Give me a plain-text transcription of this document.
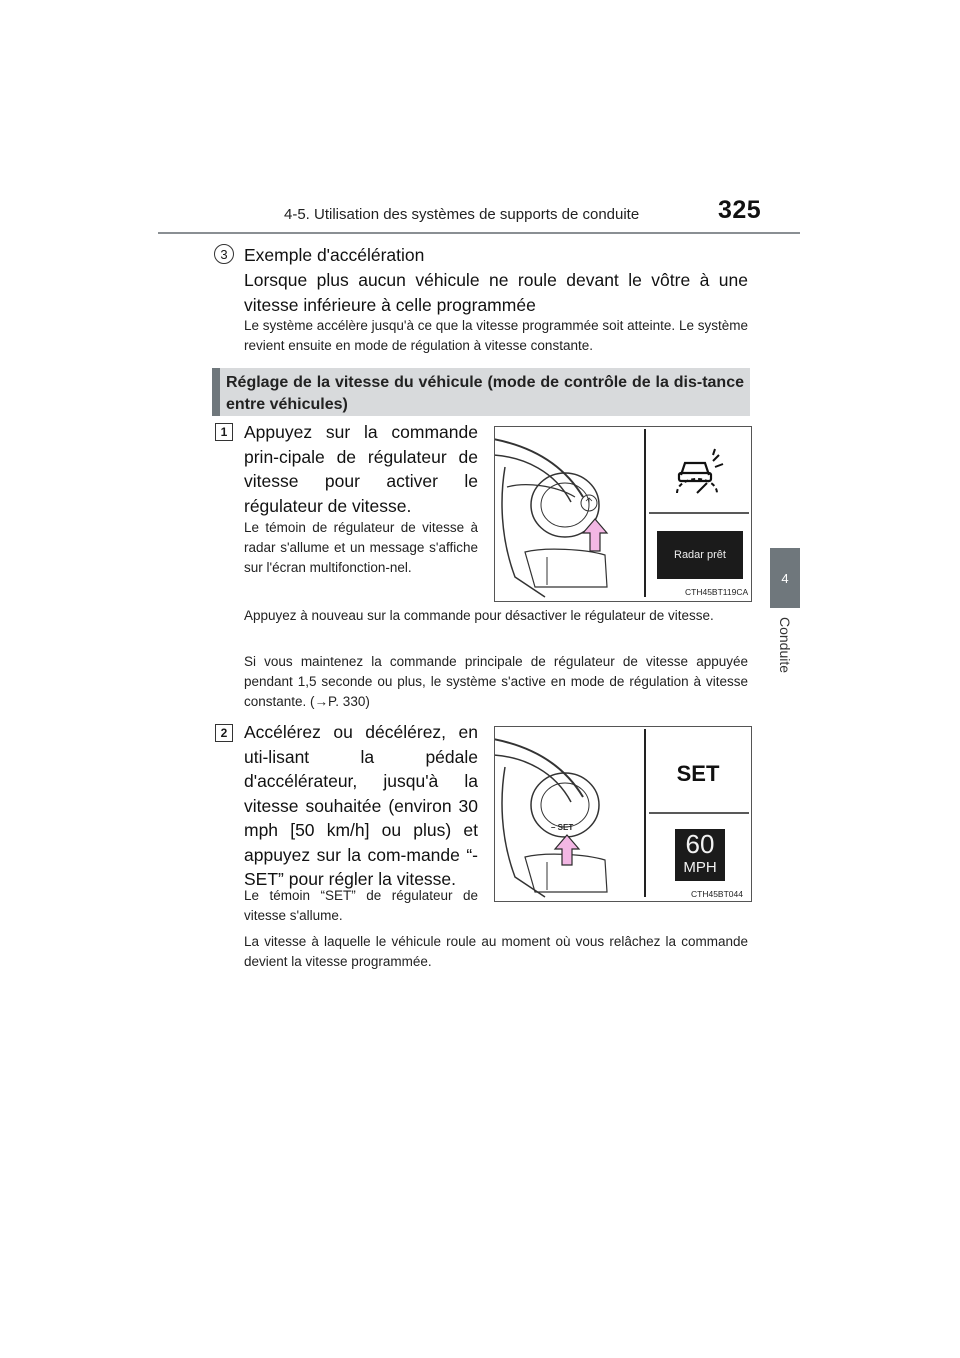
4-5. Utilisation des systèmes de supports de conduite	325
4
Conduite
3 Exemple d'accélération
Lorsque plus aucun véhicule ne roule devant le vôtre à une vitesse inférieure à celle programmée
Le système accélère jusqu'à ce que la vitesse programmée soit atteinte. Le système revient ensuite en mode de régulation à vitesse constante.
Réglage de la vitesse du véhicule (mode de contrôle de la dis-tance entre véhicules)
1 Appuyez sur la commande prin-cipale de régulateur de vitesse pour activer le régulateur de vitesse.
Le témoin de régulateur de vitesse à radar s'allume et un message s'affiche sur l'écran multifonction-nel.
Appuyez à nouveau sur la commande pour désactiver le régulateur de vitesse.
Si vous maintenez la commande principale de régulateur de vitesse appuyée pendant 1,5 seconde ou plus, le système s'active en mode de régulation à vitesse constante. (→P. 330)
Radar prêt
CTH45BT119CA
2 Accélérez ou décélérez, en uti-lisant la pédale d'accélérateur, jusqu'à la vitesse souhaitée (environ 30 mph [50 km/h] ou plus) et appuyez sur la com-mande “- SET” pour régler la vitesse.
Le témoin “SET” de régulateur de vitesse s'allume.
La vitesse à laquelle le véhicule roule au moment où vous relâchez la commande devient la vitesse programmée.
– SET
SET
60
MPH
CTH45BT044
